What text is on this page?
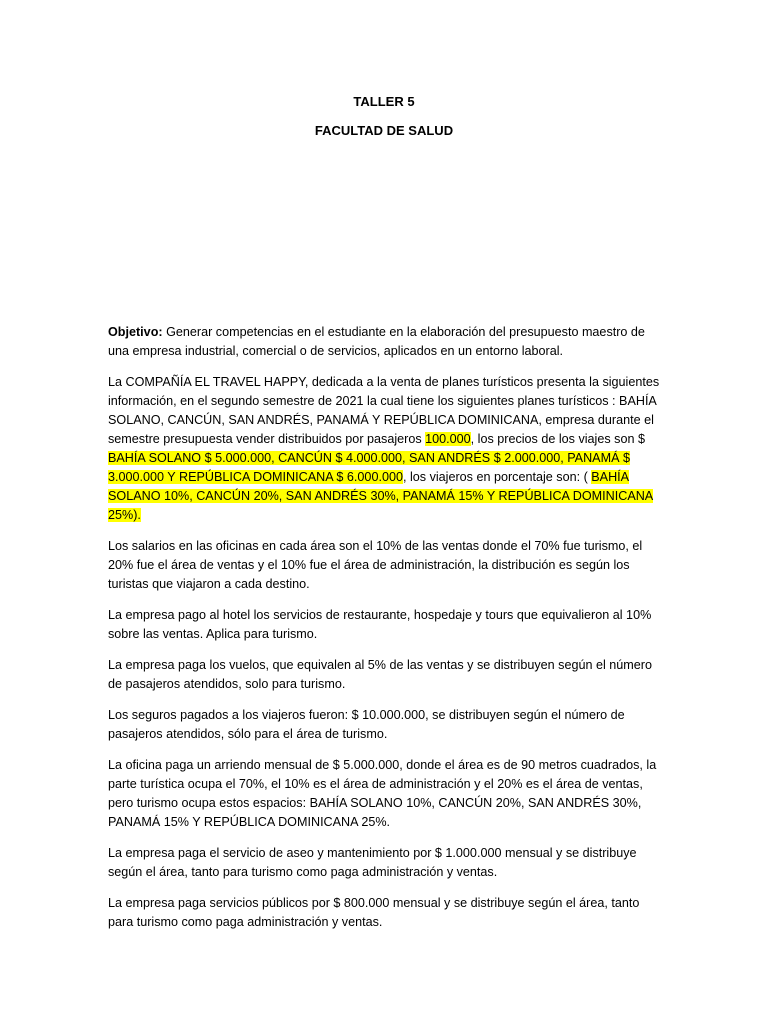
TALLER 5
FACULTAD DE SALUD

Objetivo: Generar competencias en el estudiante en la elaboración del presupuesto maestro de una empresa industrial, comercial o de servicios, aplicados en un entorno laboral.

La COMPAÑÍA EL TRAVEL HAPPY, dedicada a la venta de planes turísticos presenta la siguientes información, en el segundo semestre de 2021 la cual tiene los siguientes planes turísticos : BAHÍA SOLANO, CANCÚN, SAN ANDRÉS, PANAMÁ Y REPÚBLICA DOMINICANA, empresa durante el semestre presupuesta vender distribuidos por pasajeros 100.000, los precios de los viajes son $ BAHÍA SOLANO $ 5.000.000, CANCÚN $ 4.000.000, SAN ANDRÉS $ 2.000.000, PANAMÁ $ 3.000.000 Y REPÚBLICA DOMINICANA $ 6.000.000, los viajeros en porcentaje son: ( BAHÍA SOLANO 10%, CANCÚN 20%, SAN ANDRÉS 30%, PANAMÁ 15% Y REPÚBLICA DOMINICANA 25%).

Los salarios en las oficinas en cada área son el 10% de las ventas donde el 70% fue turismo, el 20% fue el área de ventas y el 10% fue el área de administración, la distribución es según los turistas que viajaron a cada destino.

La empresa pago al hotel los servicios de restaurante, hospedaje y tours que equivalieron al 10% sobre las ventas. Aplica para turismo.

La empresa paga los vuelos, que equivalen al 5% de las ventas y se distribuyen según el número de pasajeros atendidos, solo para turismo.

Los seguros pagados a los viajeros fueron: $ 10.000.000, se distribuyen según el número de pasajeros atendidos, sólo para el área de turismo.

La oficina paga un arriendo mensual de $ 5.000.000, donde el área es de 90 metros cuadrados, la parte turística ocupa el 70%, el 10% es el área de administración y el 20% es el área de ventas, pero turismo ocupa estos espacios: BAHÍA SOLANO 10%, CANCÚN 20%, SAN ANDRÉS 30%, PANAMÁ 15% Y REPÚBLICA DOMINICANA 25%.

La empresa paga el servicio de aseo y mantenimiento por $ 1.000.000 mensual y se distribuye según el área, tanto para turismo como paga administración y ventas.

La empresa paga servicios públicos por $ 800.000 mensual y se distribuye según el área, tanto para turismo como paga administración y ventas.
